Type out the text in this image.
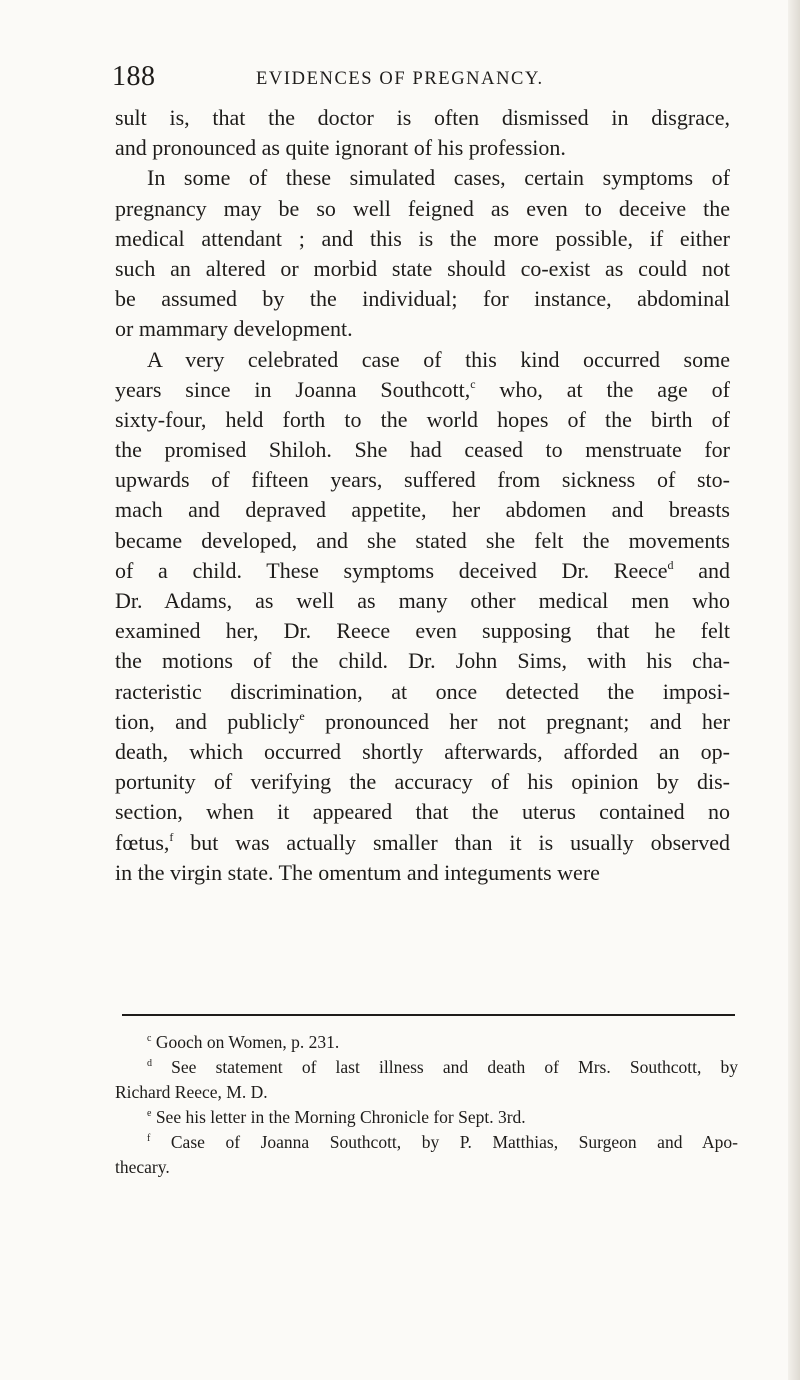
188	EVIDENCES OF PREGNANCY.
sult is, that the doctor is often dismissed in disgrace,
and pronounced as quite ignorant of his profession.
In some of these simulated cases, certain symptoms of
pregnancy may be so well feigned as even to deceive the
medical attendant ; and this is the more possible, if either
such an altered or morbid state should co-exist as could not
be assumed by the individual; for instance, abdominal
or mammary development.
A very celebrated case of this kind occurred some
years since in Joanna Southcott,$^c$ who, at the age of
sixty-four, held forth to the world hopes of the birth of
the promised Shiloh. She had ceased to menstruate for
upwards of fifteen years, suffered from sickness of sto-
mach and depraved appetite, her abdomen and breasts
became developed, and she stated she felt the movements
of a child. These symptoms deceived Dr. Reece$^d$ and
Dr. Adams, as well as many other medical men who
examined her, Dr. Reece even supposing that he felt
the motions of the child. Dr. John Sims, with his cha-
racteristic discrimination, at once detected the imposi-
tion, and publicly$^e$ pronounced her not pregnant; and her
death, which occurred shortly afterwards, afforded an op-
portunity of verifying the accuracy of his opinion by dis-
section, when it appeared that the uterus contained no
fœtus,$^f$ but was actually smaller than it is usually observed
in the virgin state. The omentum and integuments were
$^c$ Gooch on Women, p. 231.
$^d$ See statement of last illness and death of Mrs. Southcott, by
Richard Reece, M. D.
$^e$ See his letter in the Morning Chronicle for Sept. 3rd.
$^f$ Case of Joanna Southcott, by P. Matthias, Surgeon and Apo-
thecary.
